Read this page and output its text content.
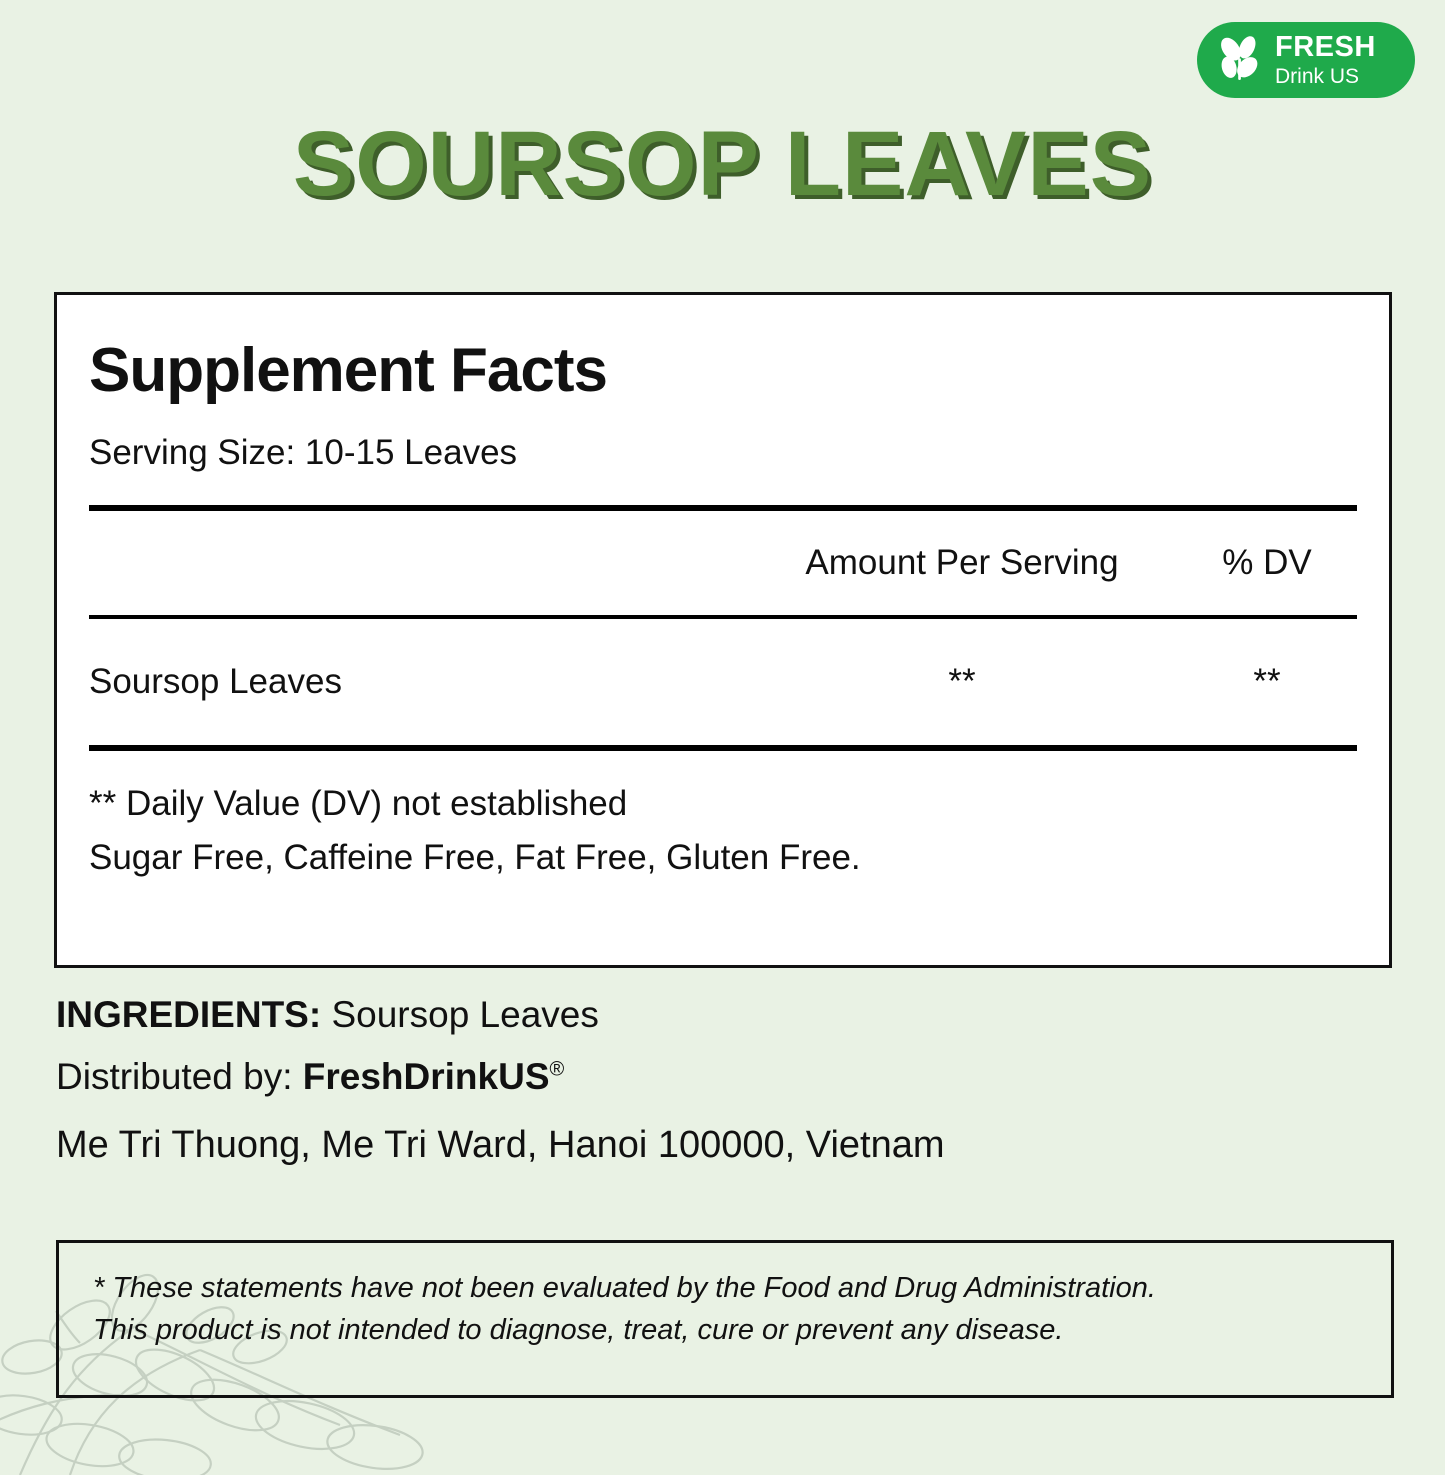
FRESH
Drink US
SOURSOP LEAVES
Supplement Facts
Serving Size: 10-15 Leaves
Amount Per Serving	% DV
Soursop Leaves	**	**
** Daily Value (DV) not established
Sugar Free, Caffeine Free, Fat Free, Gluten Free.
INGREDIENTS: Soursop Leaves
Distributed by: FreshDrinkUS®
Me Tri Thuong, Me Tri Ward, Hanoi 100000, Vietnam

* These statements have not been evaluated by the Food and Drug Administration.

This product is not intended to diagnose, treat, cure or prevent any disease.
